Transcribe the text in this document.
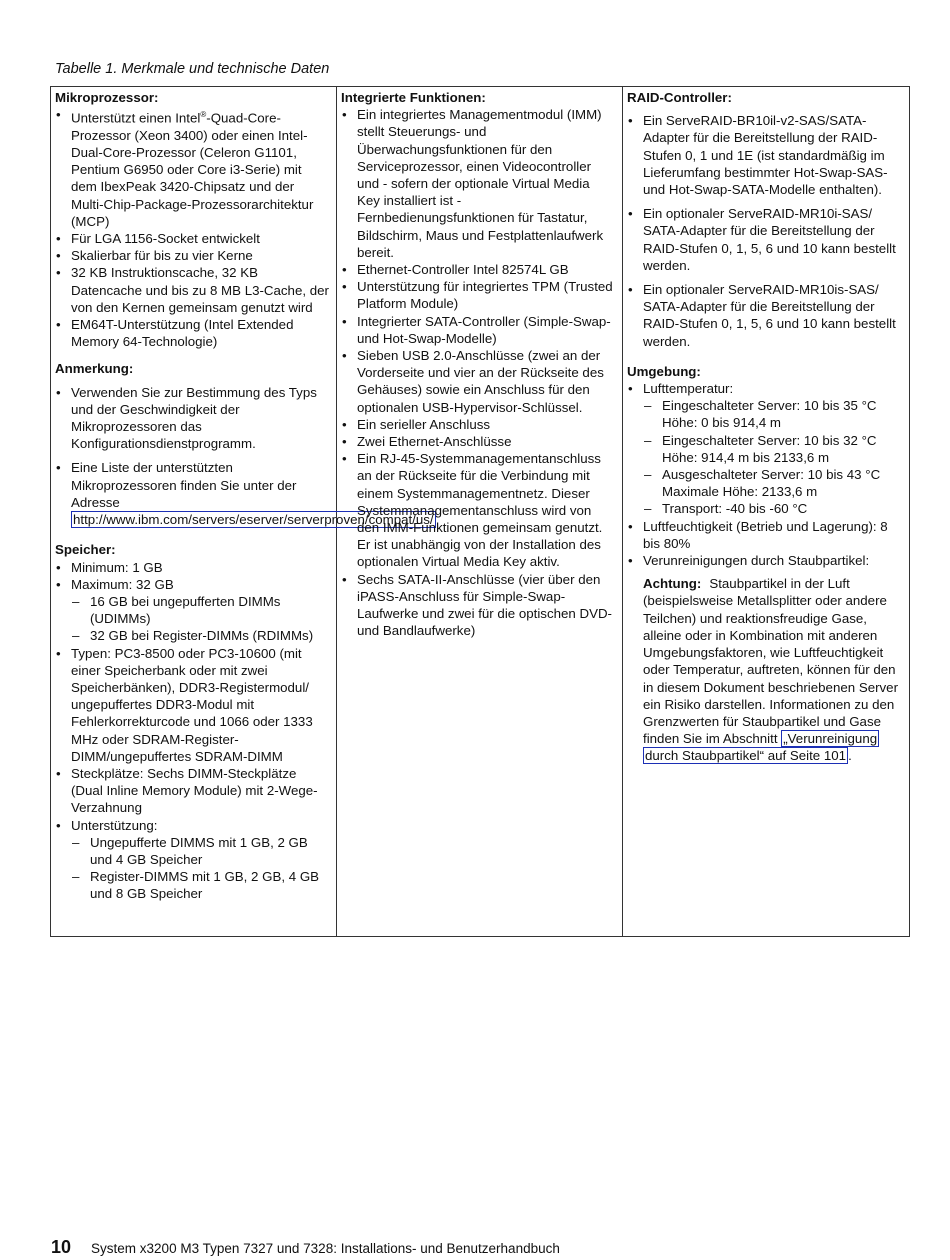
Tabelle 1. Merkmale und technische Daten
Mikroprozessor:
• Unterstützt einen Intel®-Quad-Core-Prozessor (Xeon 3400) oder einen Intel-Dual-Core-Prozessor (Celeron G1101, Pentium G6950 oder Core i3-Serie) mit dem IbexPeak 3420-Chipsatz und der Multi-Chip-Package-Prozessorarchitektur (MCP)
• Für LGA 1156-Socket entwickelt
• Skalierbar für bis zu vier Kerne
• 32 KB Instruktionscache, 32 KB Datencache und bis zu 8 MB L3-Cache, der von den Kernen gemeinsam genutzt wird
• EM64T-Unterstützung (Intel Extended Memory 64-Technologie)
Anmerkung:
• Verwenden Sie zur Bestimmung des Typs und der Geschwindigkeit der Mikroprozessoren das Konfigurationsdienstprogramm.
• Eine Liste der unterstützten Mikroprozessoren finden Sie unter der Adresse http://www.ibm.com/servers/eserver/serverproven/compat/us/
Speicher:
• Minimum: 1 GB
• Maximum: 32 GB
– 16 GB bei ungepufferten DIMMs (UDIMMs)
– 32 GB bei Register-DIMMs (RDIMMs)
• Typen: PC3-8500 oder PC3-10600 (mit einer Speicherbank oder mit zwei Speicherbänken), DDR3-Registermodul/ ungepuffertes DDR3-Modul mit Fehlerkorrekturcode und 1066 oder 1333 MHz oder SDRAM-Register-DIMM/ungepuffertes SDRAM-DIMM
• Steckplätze: Sechs DIMM-Steckplätze (Dual Inline Memory Module) mit 2-Wege-Verzahnung
• Unterstützung:
– Ungepufferte DIMMS mit 1 GB, 2 GB und 4 GB Speicher
– Register-DIMMS mit 1 GB, 2 GB, 4 GB und 8 GB Speicher

Integrierte Funktionen:
• Ein integriertes Managementmodul (IMM) stellt Steuerungs- und Überwachungsfunktionen für den Serviceprozessor, einen Videocontroller und - sofern der optionale Virtual Media Key installiert ist - Fernbedienungsfunktionen für Tastatur, Bildschirm, Maus und Festplattenlaufwerk bereit.
• Ethernet-Controller Intel 82574L GB
• Unterstützung für integriertes TPM (Trusted Platform Module)
• Integrierter SATA-Controller (Simple-Swap- und Hot-Swap-Modelle)
• Sieben USB 2.0-Anschlüsse (zwei an der Vorderseite und vier an der Rückseite des Gehäuses) sowie ein Anschluss für den optionalen USB-Hypervisor-Schlüssel.
• Ein serieller Anschluss
• Zwei Ethernet-Anschlüsse
• Ein RJ-45-Systemmanagementanschluss an der Rückseite für die Verbindung mit einem Systemmanagementnetz. Dieser Systemmanagementanschluss wird von den IMM-Funktionen gemeinsam genutzt. Er ist unabhängig von der Installation des optionalen Virtual Media Key aktiv.
• Sechs SATA-II-Anschlüsse (vier über den iPASS-Anschluss für Simple-Swap-Laufwerke und zwei für die optischen DVD- und Bandlaufwerke)

RAID-Controller:
• Ein ServeRAID-BR10il-v2-SAS/SATA-Adapter für die Bereitstellung der RAID-Stufen 0, 1 und 1E (ist standardmäßig im Lieferumfang bestimmter Hot-Swap-SAS- und Hot-Swap-SATA-Modelle enthalten).
• Ein optionaler ServeRAID-MR10i-SAS/ SATA-Adapter für die Bereitstellung der RAID-Stufen 0, 1, 5, 6 und 10 kann bestellt werden.
• Ein optionaler ServeRAID-MR10is-SAS/ SATA-Adapter für die Bereitstellung der RAID-Stufen 0, 1, 5, 6 und 10 kann bestellt werden.
Umgebung:
• Lufttemperatur:
– Eingeschalteter Server: 10 bis 35 °C
Höhe: 0 bis 914,4 m
– Eingeschalteter Server: 10 bis 32 °C
Höhe: 914,4 m bis 2133,6 m
– Ausgeschalteter Server: 10 bis 43 °C
Maximale Höhe: 2133,6 m
– Transport: -40 bis -60 °C
• Luftfeuchtigkeit (Betrieb und Lagerung): 8 bis 80%
• Verunreinigungen durch Staubpartikel:
Achtung: Staubpartikel in der Luft (beispielsweise Metallsplitter oder andere Teilchen) und reaktionsfreudige Gase, alleine oder in Kombination mit anderen Umgebungsfaktoren, wie Luftfeuchtigkeit oder Temperatur, auftreten, können für den in diesem Dokument beschriebenen Server ein Risiko darstellen. Informationen zu den Grenzwerten für Staubpartikel und Gase finden Sie im Abschnitt „Verunreinigung durch Staubpartikel“ auf Seite 101 .
10 System x3200 M3 Typen 7327 und 7328: Installations- und Benutzerhandbuch
